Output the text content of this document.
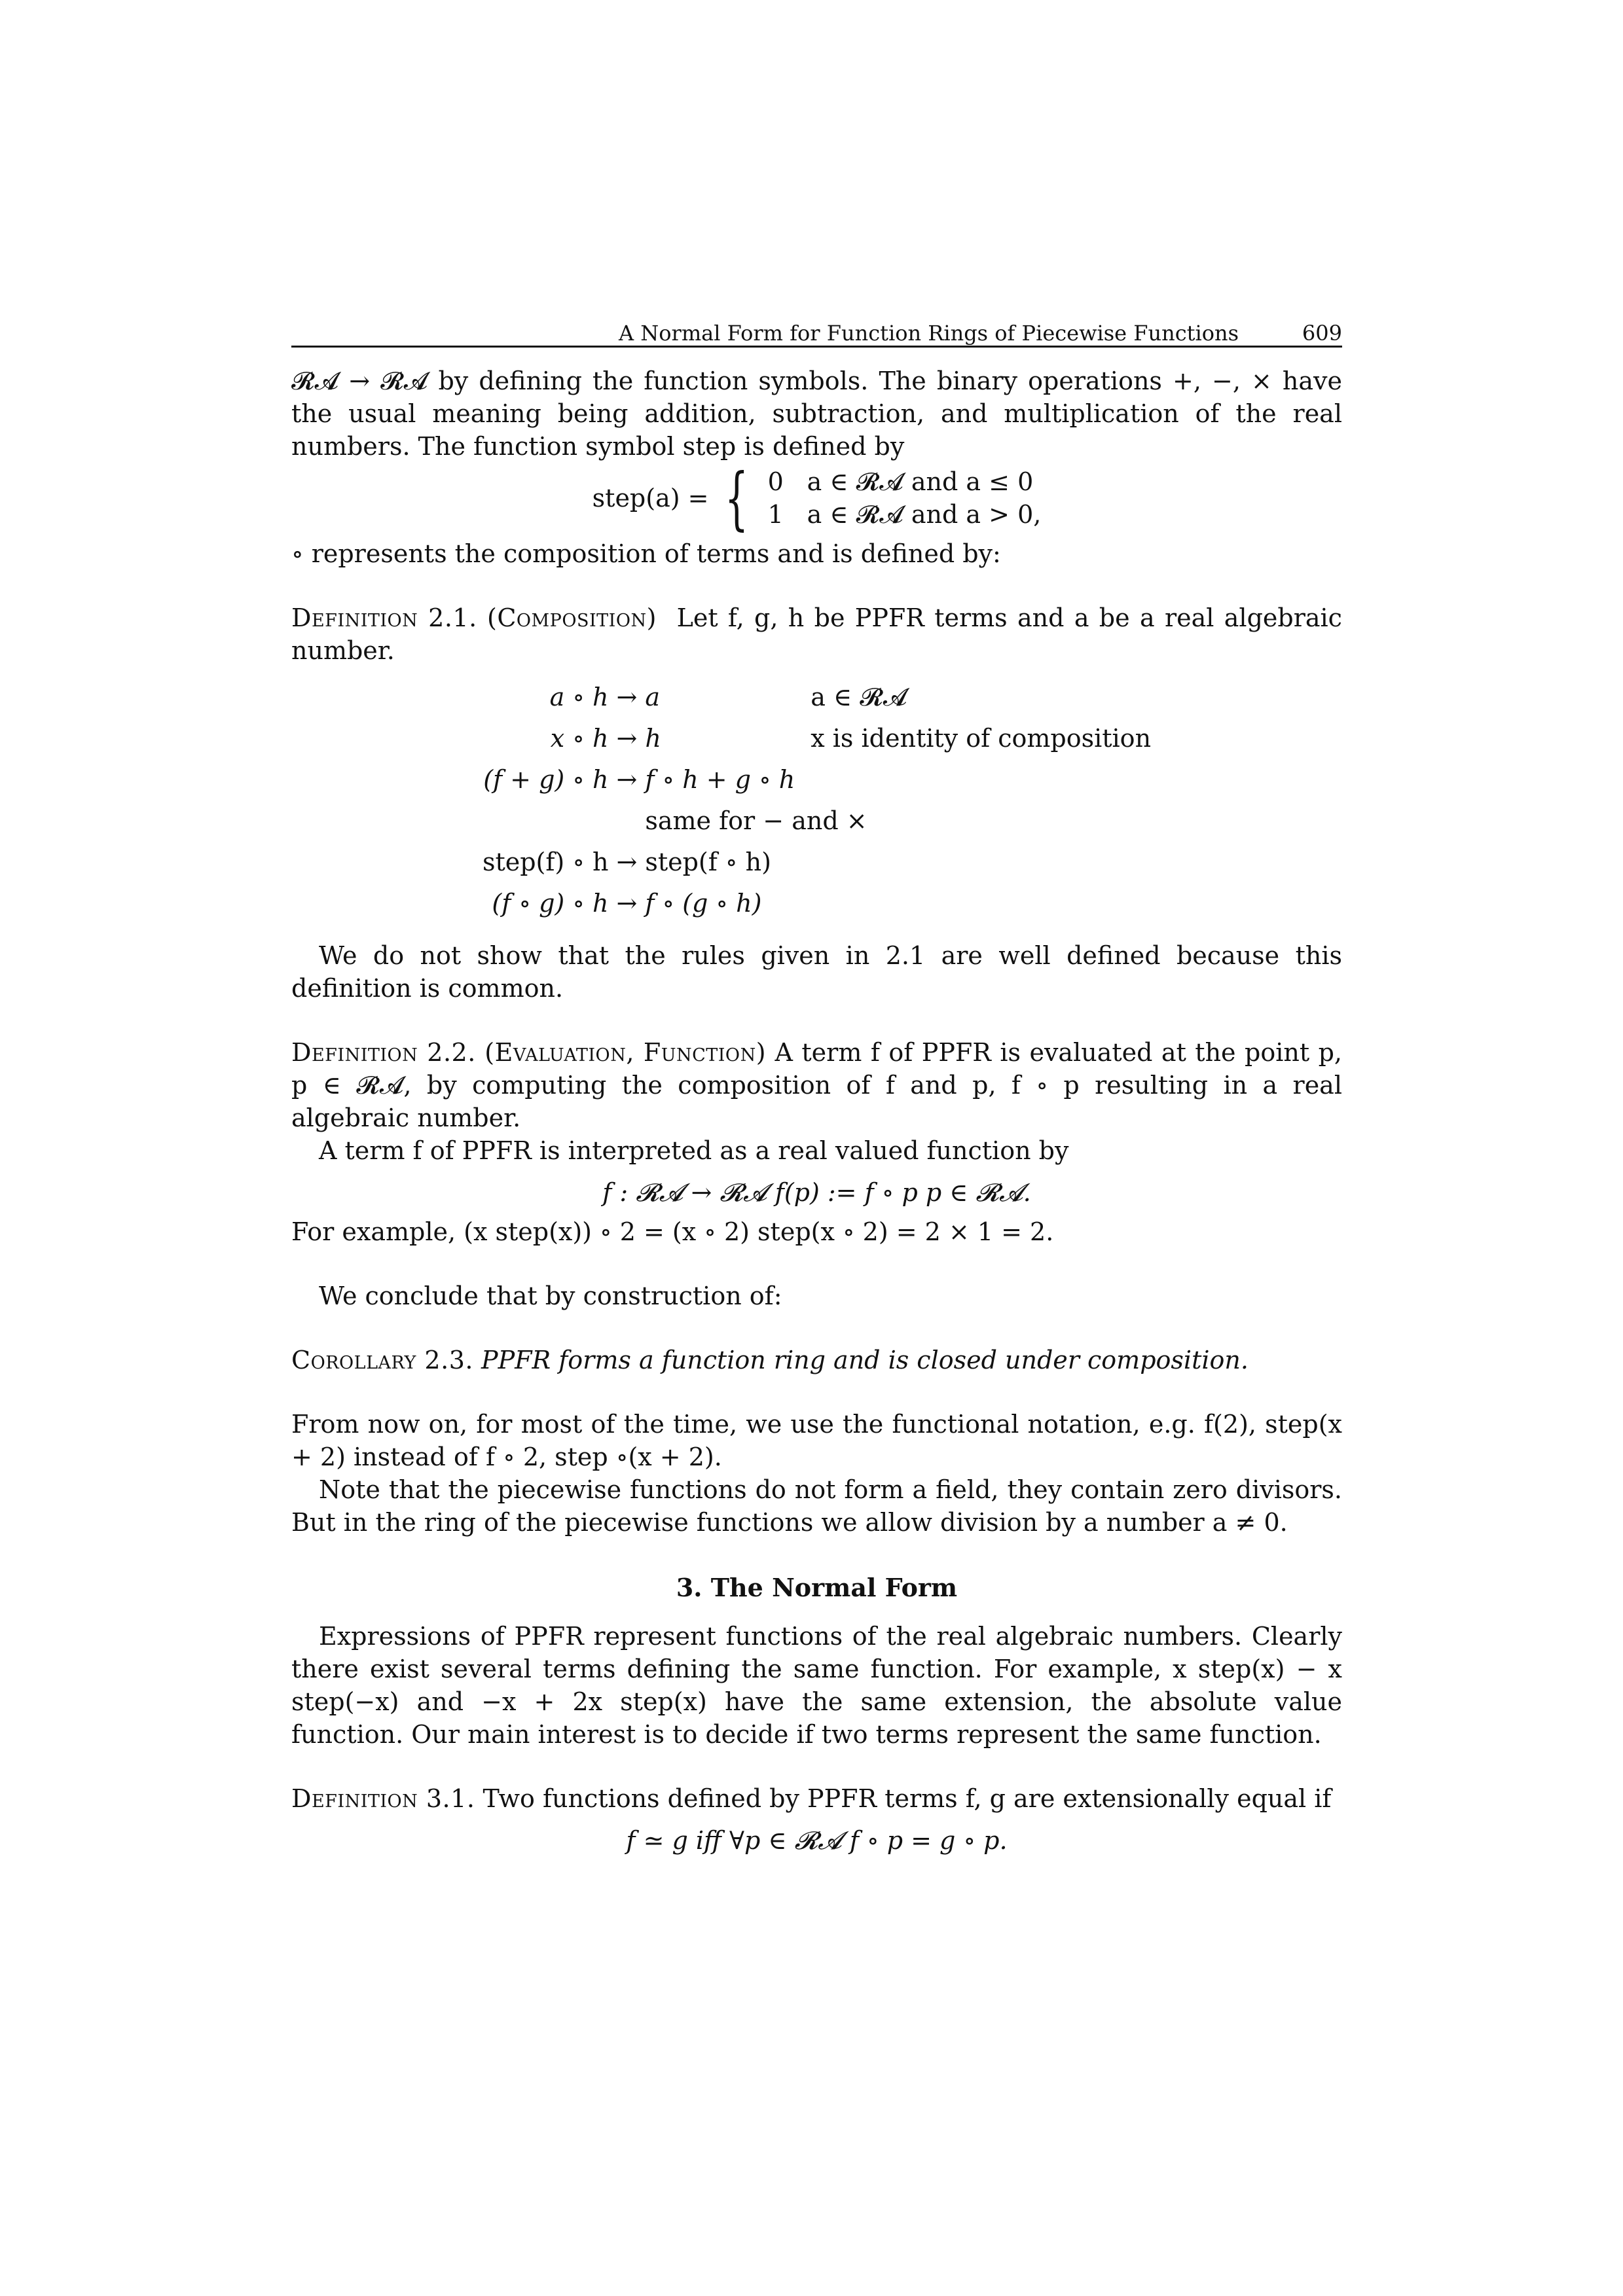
A Normal Form for Function Rings of Piecewise Functions	609

𝓡𝓐 → 𝓡𝓐 by defining the function symbols. The binary operations +, −, × have the usual meaning being addition, subtraction, and multiplication of the real numbers. The function symbol step is defined by

step(a) = { 0 a ∈ 𝓡𝓐 and a ≤ 0
1 a ∈ 𝓡𝓐 and a > 0,

∘ represents the composition of terms and is defined by:

Definition 2.1. (Composition) Let f, g, h be PPFR terms and a be a real algebraic number.

a ∘ h	→	a	a ∈ 𝓡𝓐
x ∘ h	→	h	x is identity of composition
(f + g) ∘ h	→	f ∘ h + g ∘ h	
		same for − and ×	
step(f) ∘ h	→	step(f ∘ h)	
(f ∘ g) ∘ h	→	f ∘ (g ∘ h)	

We do not show that the rules given in 2.1 are well defined because this definition is common.

Definition 2.2. (Evaluation, Function) A term f of PPFR is evaluated at the point p, p ∈ 𝓡𝓐, by computing the composition of f and p, f ∘ p resulting in a real algebraic number.

A term f of PPFR is interpreted as a real valued function by

f : 𝓡𝓐 → 𝓡𝓐 f(p) := f ∘ p p ∈ 𝓡𝓐.

For example, (x step(x)) ∘ 2 = (x ∘ 2) step(x ∘ 2) = 2 × 1 = 2.

We conclude that by construction of:

Corollary 2.3. PPFR forms a function ring and is closed under composition.

From now on, for most of the time, we use the functional notation, e.g. f(2), step(x + 2) instead of f ∘ 2, step ∘(x + 2).

Note that the piecewise functions do not form a field, they contain zero divisors. But in the ring of the piecewise functions we allow division by a number a ≠ 0.

3. The Normal Form

Expressions of PPFR represent functions of the real algebraic numbers. Clearly there exist several terms defining the same function. For example, x step(x) − x step(−x) and −x + 2x step(x) have the same extension, the absolute value function. Our main interest is to decide if two terms represent the same function.

Definition 3.1. Two functions defined by PPFR terms f, g are extensionally equal if

f ≃ g iff ∀p ∈ 𝓡𝓐 f ∘ p = g ∘ p.
